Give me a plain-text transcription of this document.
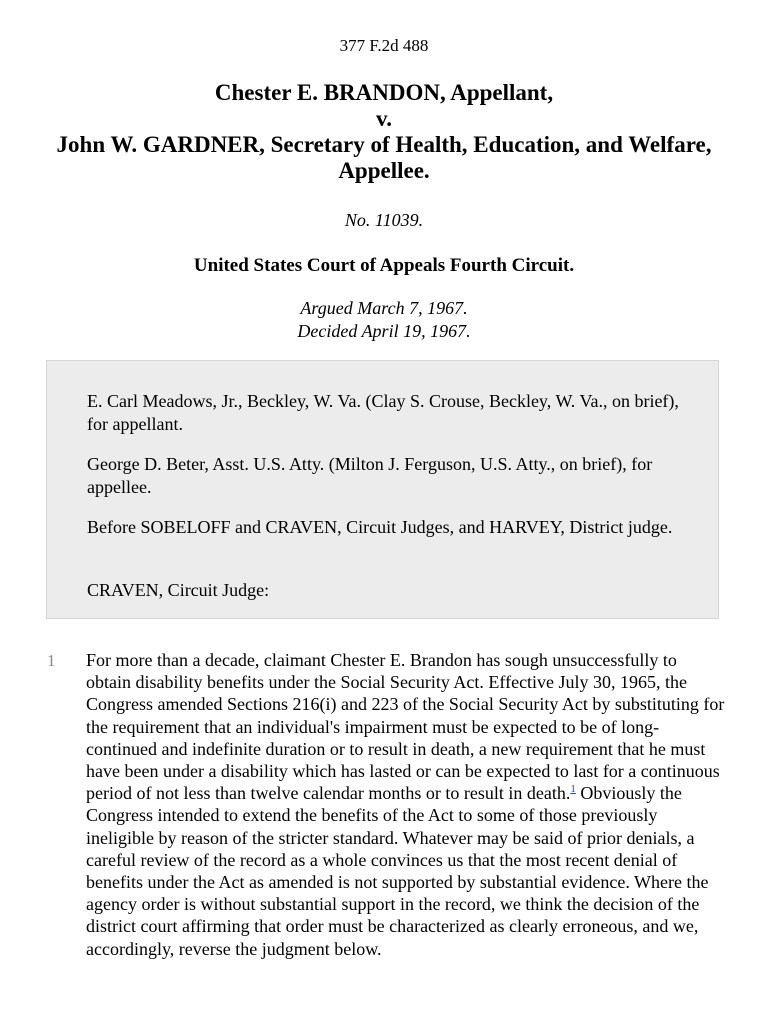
377 F.2d 488
Chester E. BRANDON, Appellant,
v.
John W. GARDNER, Secretary of Health, Education, and Welfare, Appellee.
No. 11039.
United States Court of Appeals Fourth Circuit.
Argued March 7, 1967.
Decided April 19, 1967.

E. Carl Meadows, Jr., Beckley, W. Va. (Clay S. Crouse, Beckley, W. Va., on brief), for appellant.

George D. Beter, Asst. U.S. Atty. (Milton J. Ferguson, U.S. Atty., on brief), for appellee.

Before SOBELOFF and CRAVEN, Circuit Judges, and HARVEY, District judge.

CRAVEN, Circuit Judge:

1 For more than a decade, claimant Chester E. Brandon has sough unsuccessfully to obtain disability benefits under the Social Security Act. Effective July 30, 1965, the Congress amended Sections 216(i) and 223 of the Social Security Act by substituting for the requirement that an individual's impairment must be expected to be of long-continued and indefinite duration or to result in death, a new requirement that he must have been under a disability which has lasted or can be expected to last for a continuous period of not less than twelve calendar months or to result in death.$^1$ Obviously the Congress intended to extend the benefits of the Act to some of those previously ineligible by reason of the stricter standard. Whatever may be said of prior denials, a careful review of the record as a whole convinces us that the most recent denial of benefits under the Act as amended is not supported by substantial evidence. Where the agency order is without substantial support in the record, we think the decision of the district court affirming that order must be characterized as clearly erroneous, and we, accordingly, reverse the judgment below.
